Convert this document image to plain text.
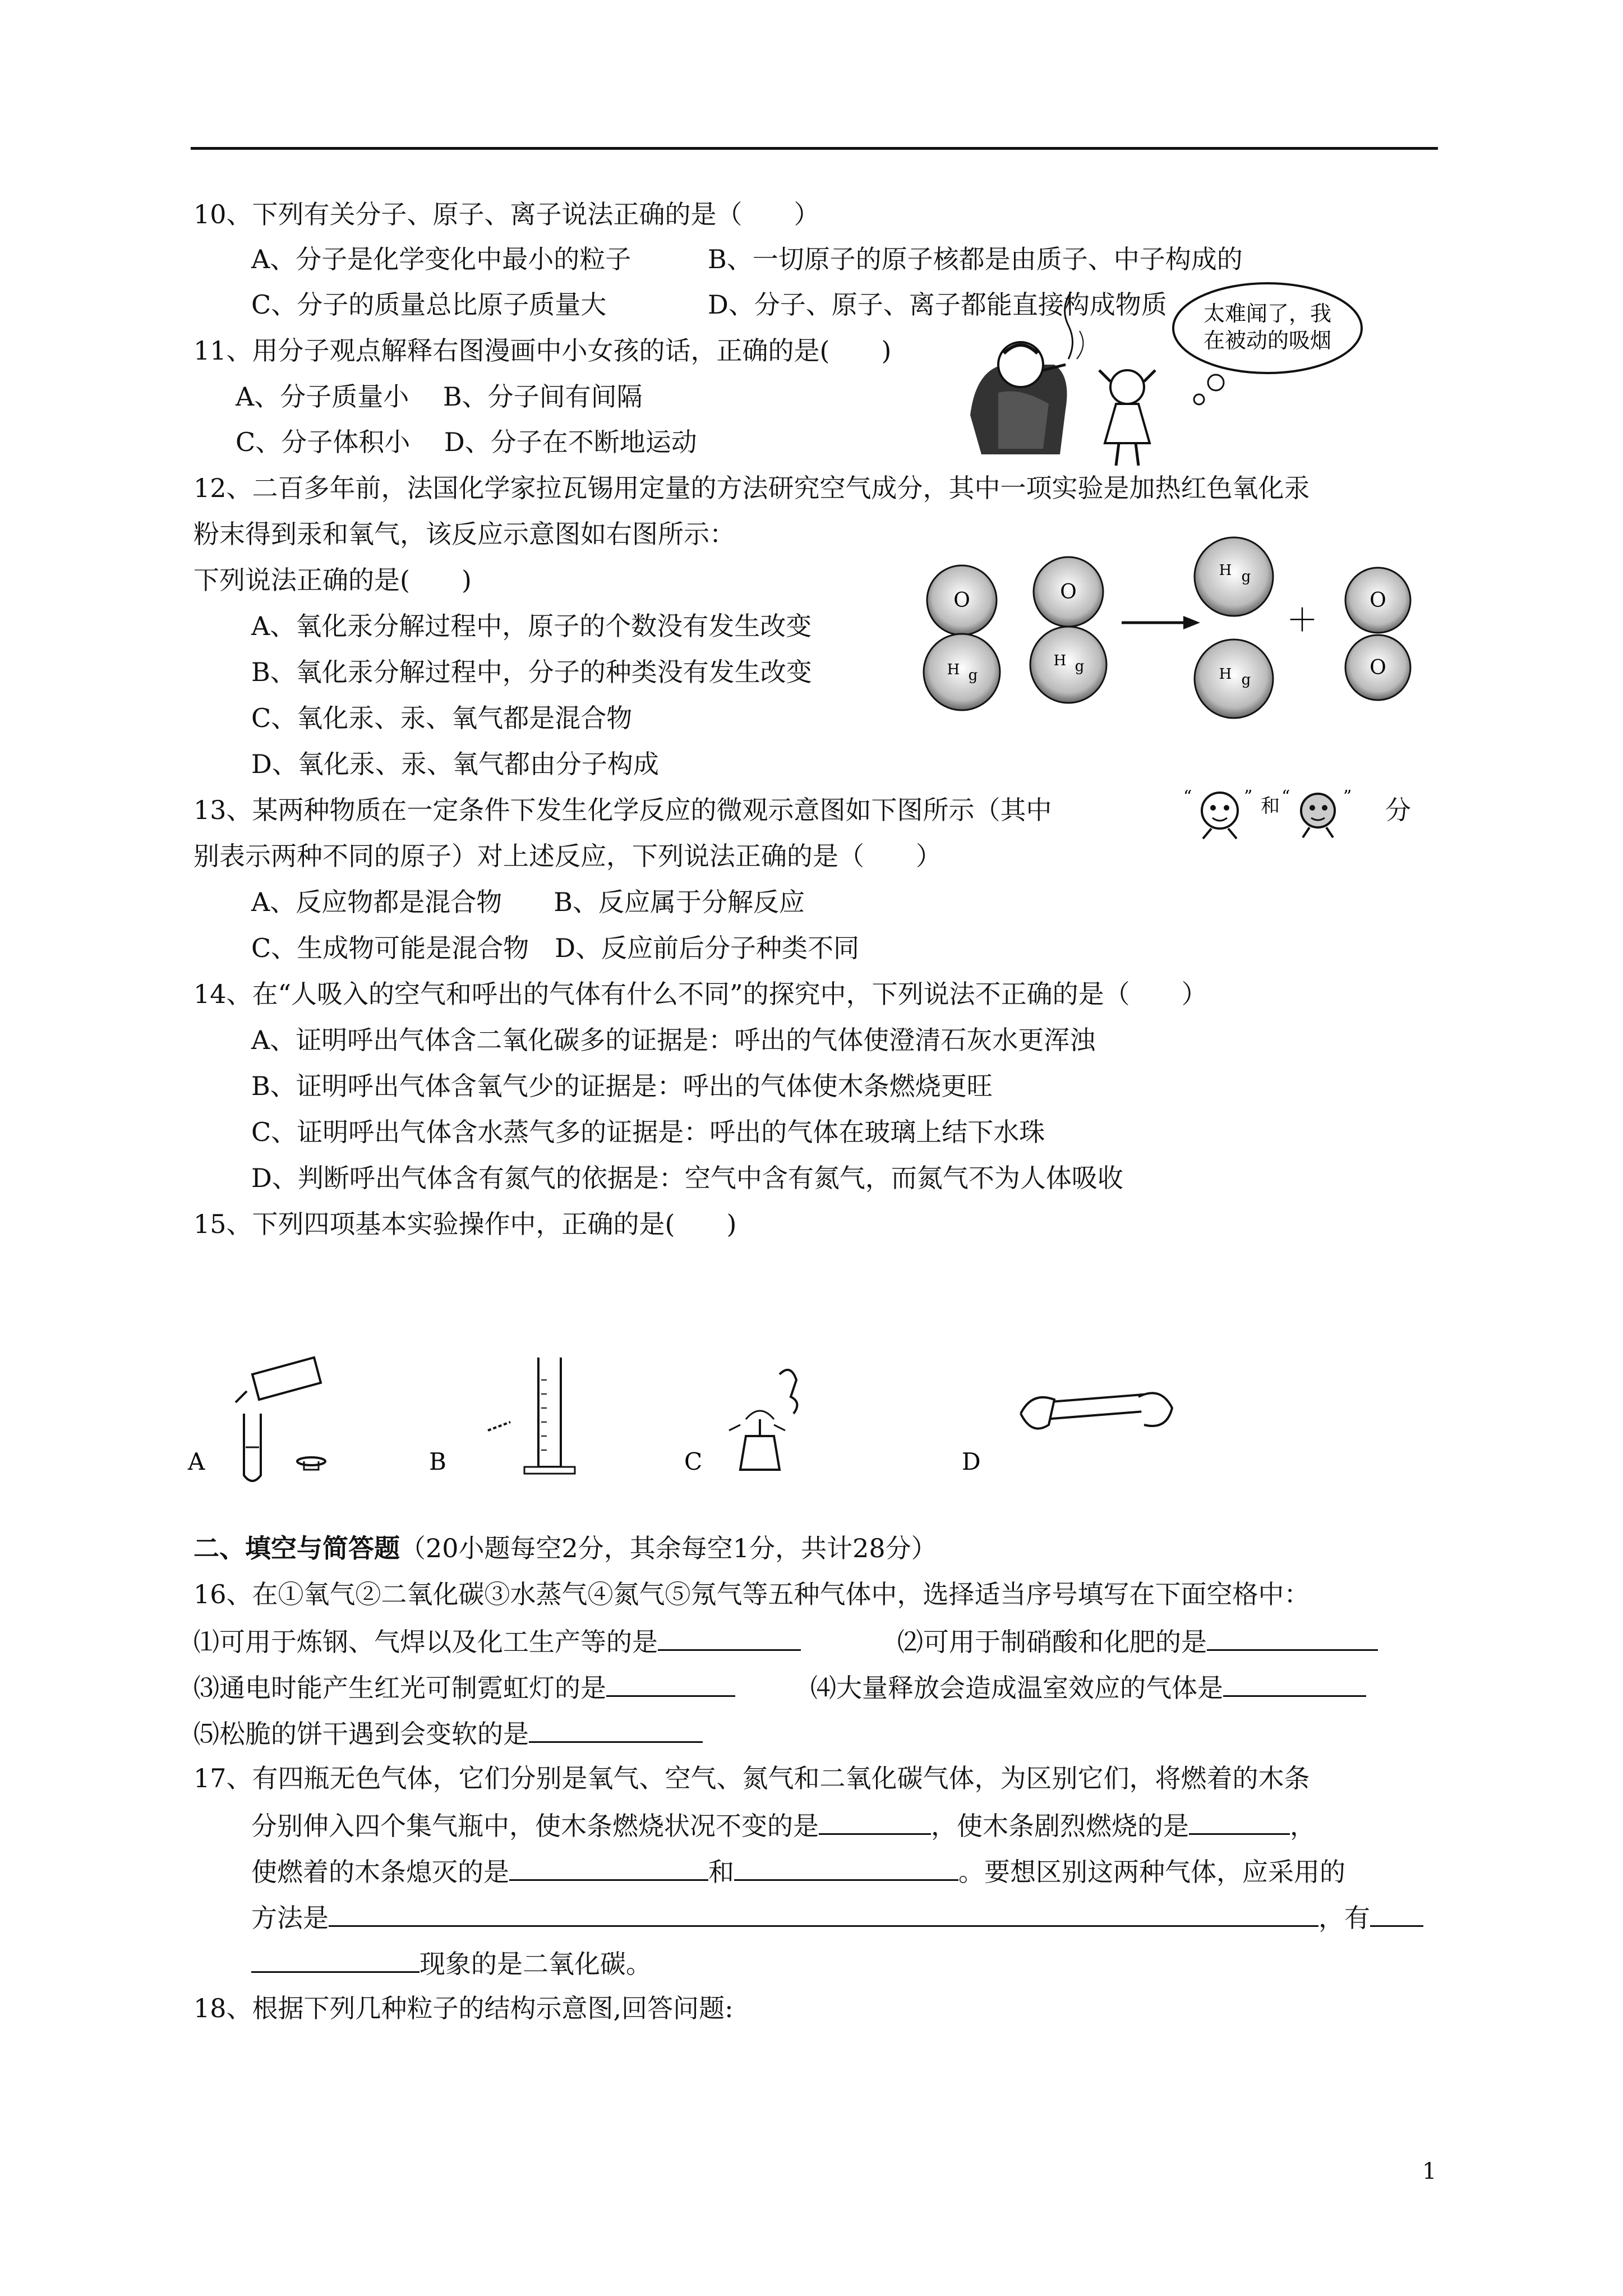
10、下列有关分子、原子、离子说法正确的是（　　）
A、分子是化学变化中最小的粒子	B、一切原子的原子核都是由质子、中子构成的
C、分子的质量总比原子质量大	D、分子、原子、离子都能直接构成物质
11、用分子观点解释右图漫画中小女孩的话，正确的是(　　)
A、分子质量小　 B、分子间有间隔
C、分子体积小　 D、分子在不断地运动
太难闻了，我
在被动的吸烟
12、二百多年前，法国化学家拉瓦锡用定量的方法研究空气成分，其中一项实验是加热红色氧化汞
粉末得到汞和氧气，该反应示意图如右图所示：
下列说法正确的是(　　)
A、氧化汞分解过程中，原子的个数没有发生改变
B、氧化汞分解过程中，分子的种类没有发生改变
C、氧化汞、汞、氧气都是混合物
D、氧化汞、汞、氧气都由分子构成
O
H g
O
H g
H g
H g
＋
O
O
13、某两种物质在一定条件下发生化学反应的微观示意图如下图所示（其中	“	” 和 “	” 分
别表示两种不同的原子）对上述反应，下列说法正确的是（　　）
A、反应物都是混合物　　B、反应属于分解反应
C、生成物可能是混合物　D、反应前后分子种类不同
14、在“人吸入的空气和呼出的气体有什么不同”的探究中，下列说法不正确的是（　　）
A、证明呼出气体含二氧化碳多的证据是：呼出的气体使澄清石灰水更浑浊
B、证明呼出气体含氧气少的证据是：呼出的气体使木条燃烧更旺
C、证明呼出气体含水蒸气多的证据是：呼出的气体在玻璃上结下水珠
D、判断呼出气体含有氮气的依据是：空气中含有氮气，而氮气不为人体吸收
15、下列四项基本实验操作中，正确的是(　　)
A	B	C	D
二、填空与简答题（20小题每空2分，其余每空1分，共计28分）
16、在①氧气②二氧化碳③水蒸气④氮气⑤氖气等五种气体中，选择适当序号填写在下面空格中：
⑴可用于炼钢、气焊以及化工生产等的是	⑵可用于制硝酸和化肥的是
⑶通电时能产生红光可制霓虹灯的是	⑷大量释放会造成温室效应的气体是
⑸松脆的饼干遇到会变软的是
17、有四瓶无色气体，它们分别是氧气、空气、氮气和二氧化碳气体，为区别它们，将燃着的木条
分别伸入四个集气瓶中，使木条燃烧状况不变的是	，使木条剧烈燃烧的是	，
使燃着的木条熄灭的是	和	。要想区别这两种气体，应采用的
方法是	，有
现象的是二氧化碳。
18、根据下列几种粒子的结构示意图,回答问题:
1
